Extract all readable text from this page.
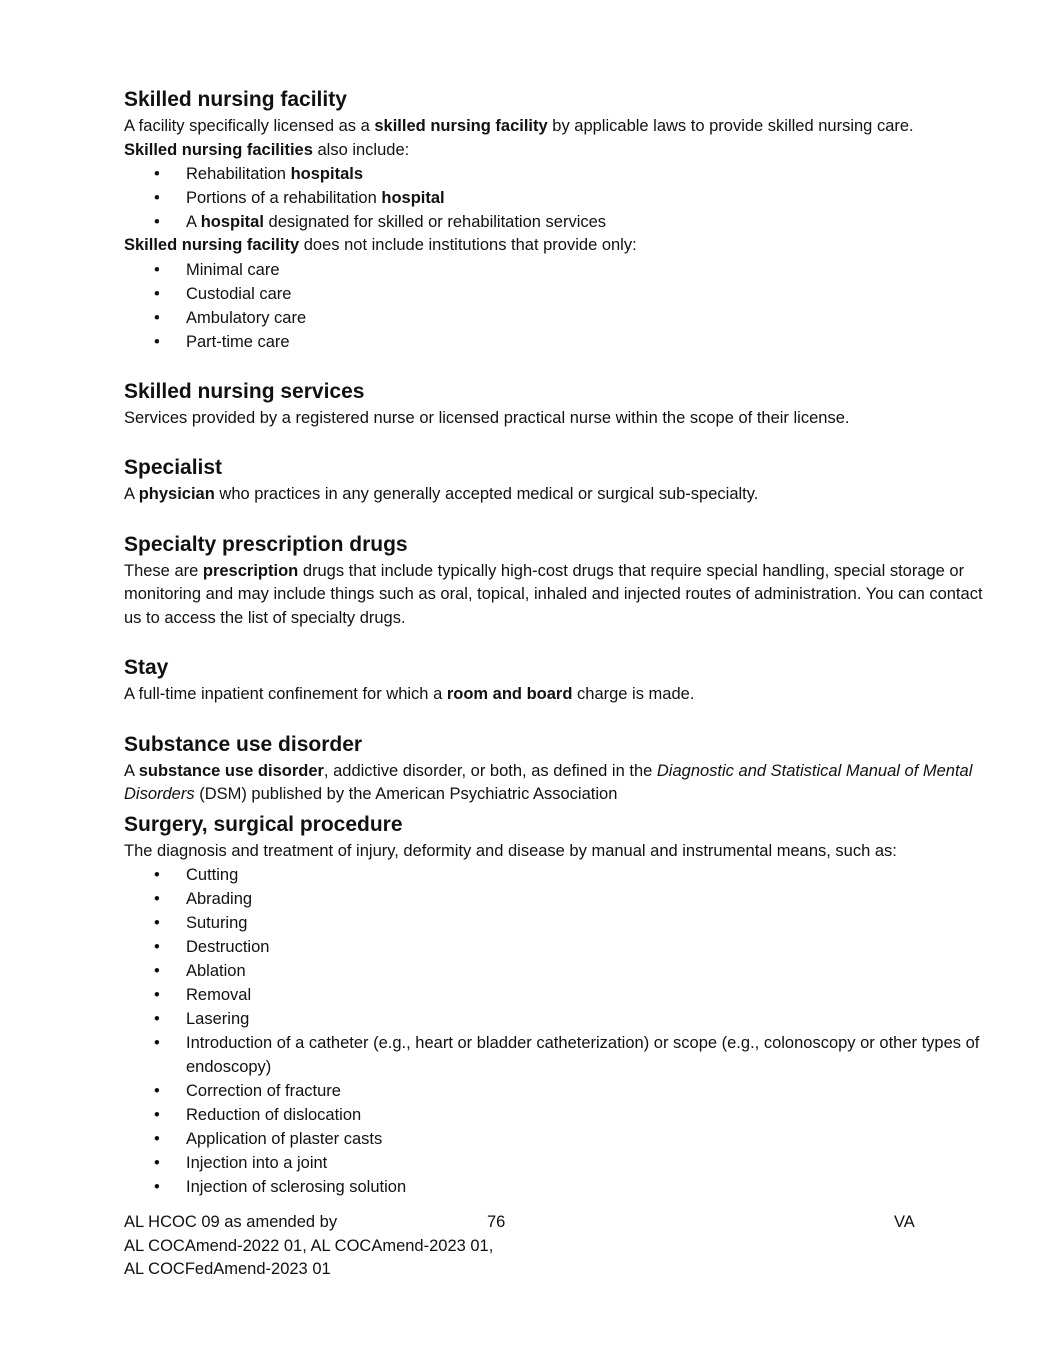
Skilled nursing facility

A facility specifically licensed as a skilled nursing facility by applicable laws to provide skilled nursing care.

Skilled nursing facilities also include:

• Rehabilitation hospitals
• Portions of a rehabilitation hospital
• A hospital designated for skilled or rehabilitation services

Skilled nursing facility does not include institutions that provide only:

• Minimal care
• Custodial care
• Ambulatory care
• Part-time care
Skilled nursing services

Services provided by a registered nurse or licensed practical nurse within the scope of their license.

Specialist

A physician who practices in any generally accepted medical or surgical sub-specialty.

Specialty prescription drugs

These are prescription drugs that include typically high-cost drugs that require special handling, special storage or monitoring and may include things such as oral, topical, inhaled and injected routes of administration. You can contact us to access the list of specialty drugs.

Stay

A full-time inpatient confinement for which a room and board charge is made.

Substance use disorder

A substance use disorder, addictive disorder, or both, as defined in the Diagnostic and Statistical Manual of Mental Disorders (DSM) published by the American Psychiatric Association

Surgery, surgical procedure

The diagnosis and treatment of injury, deformity and disease by manual and instrumental means, such as:

• Cutting
• Abrading
• Suturing
• Destruction
• Ablation
• Removal
• Lasering
• Introduction of a catheter (e.g., heart or bladder catheterization) or scope (e.g., colonoscopy or other types of endoscopy)
• Correction of fracture
• Reduction of dislocation
• Application of plaster casts
• Injection into a joint
• Injection of sclerosing solution
AL HCOC 09 as amended by
AL COCAmend-2022 01, AL COCAmend-2023 01,
AL COCFedAmend-2023 01
76	VA
